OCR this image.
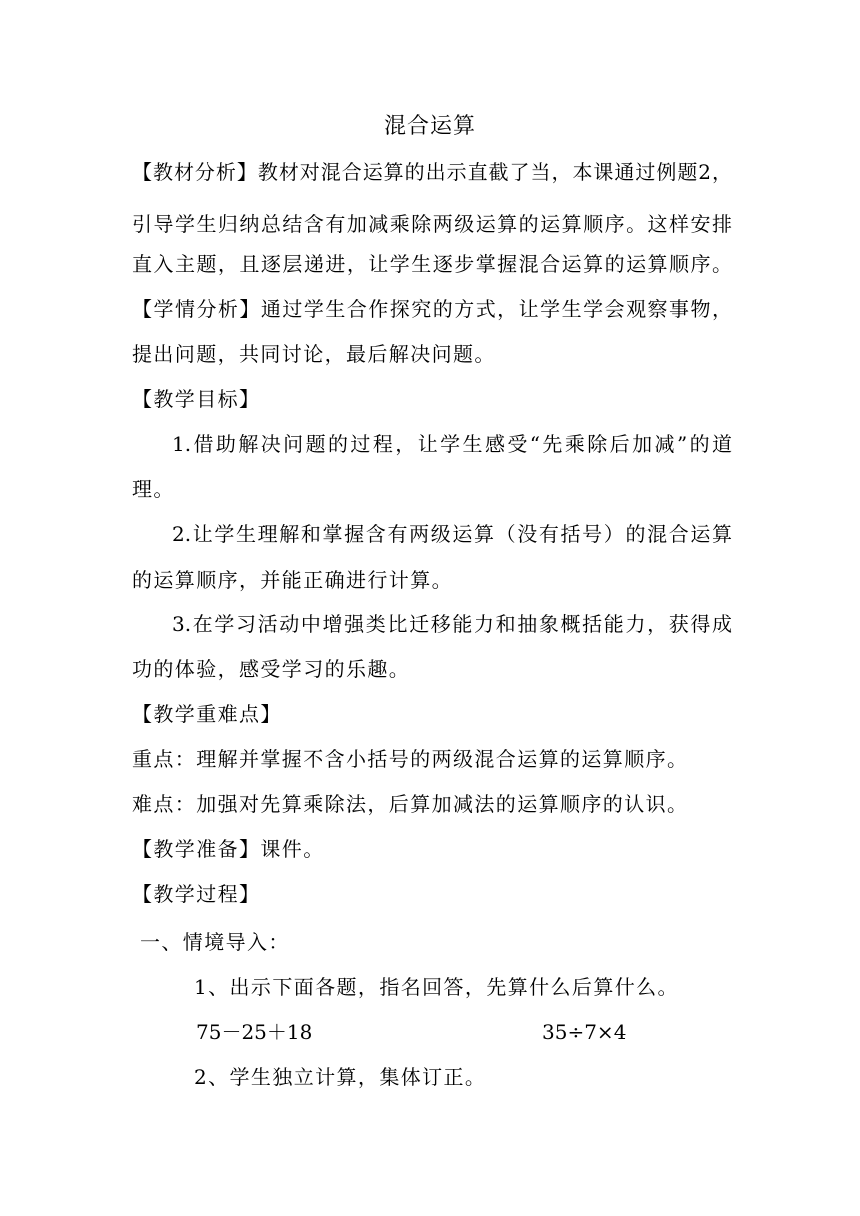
混合运算
【教材分析】教材对混合运算的出示直截了当，本课通过例题2，
引导学生归纳总结含有加减乘除两级运算的运算顺序。这样安排
直入主题，且逐层递进，让学生逐步掌握混合运算的运算顺序。
【学情分析】通过学生合作探究的方式，让学生学会观察事物，
提出问题，共同讨论，最后解决问题。
【教学目标】
1.借助解决问题的过程，让学生感受“先乘除后加减”的道
理。
2.让学生理解和掌握含有两级运算（没有括号）的混合运算
的运算顺序，并能正确进行计算。
3.在学习活动中增强类比迁移能力和抽象概括能力，获得成
功的体验，感受学习的乐趣。
【教学重难点】
重点：理解并掌握不含小括号的两级混合运算的运算顺序。
难点：加强对先算乘除法，后算加减法的运算顺序的认识。
【教学准备】课件。
【教学过程】
一、情境导入：
1、出示下面各题，指名回答，先算什么后算什么。
75－25＋18	35÷7×4
2、学生独立计算，集体订正。
